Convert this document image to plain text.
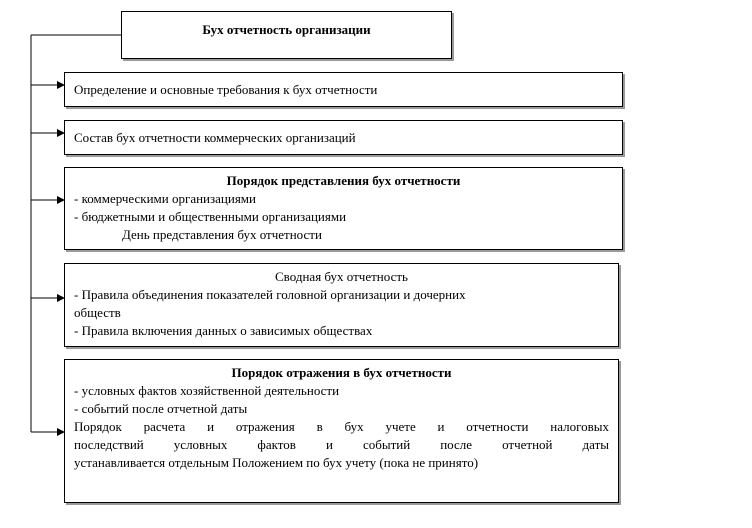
Бух отчетность организации
Определение и основные требования к бух отчетности
Состав бух отчетности коммерческих организаций
Порядок представления бух отчетности
- коммерческими организациями
- бюджетными и общественными организациями
День представления бух отчетности
Сводная бух отчетность
- Правила объединения показателей головной организации и дочерних
обществ
- Правила включения данных о зависимых обществах
Порядок отражения в бух отчетности
- условных фактов хозяйственной деятельности
- событий после отчетной даты
Порядок расчета и отражения в бух учете и отчетности налоговых
последствий условных фактов и событий после отчетной даты
устанавливается отдельным Положением по бух учету (пока не принято)
